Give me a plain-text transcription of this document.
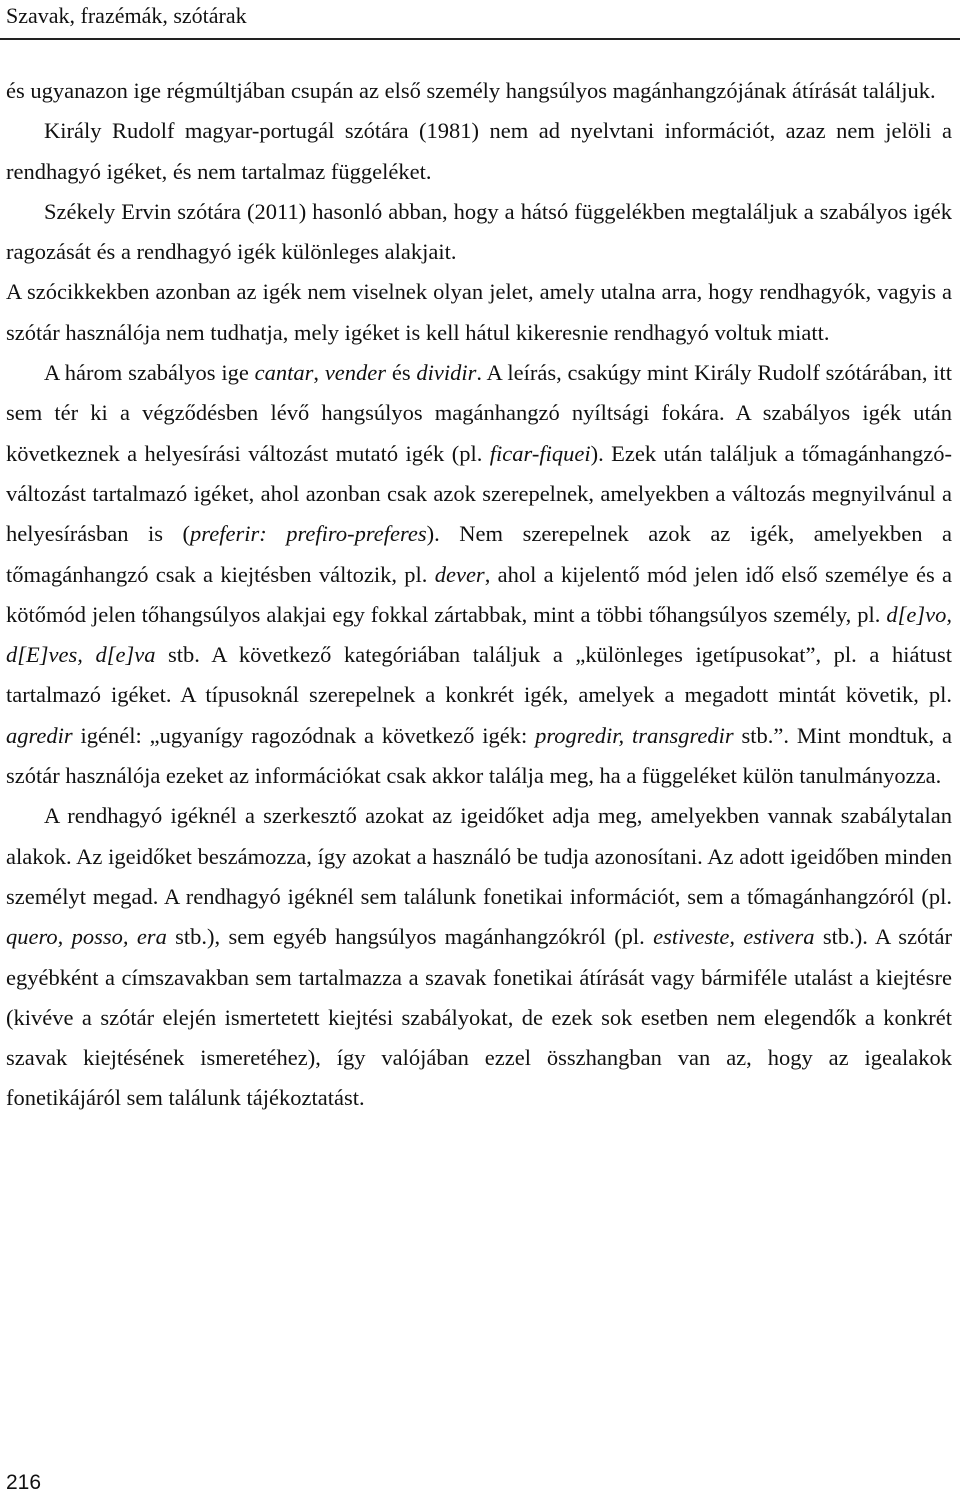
Szavak, frazémák, szótárak

és ugyanazon ige régmúltjában csupán az első személy hangsúlyos magánhangzójának átírását találjuk.

Király Rudolf magyar-portugál szótára (1981) nem ad nyelvtani információt, azaz nem jelöli a rendhagyó igéket, és nem tartalmaz függeléket.

Székely Ervin szótára (2011) hasonló abban, hogy a hátsó függelékben megtaláljuk a szabályos igék ragozását és a rendhagyó igék különleges alakjait.

A szócikkekben azonban az igék nem viselnek olyan jelet, amely utalna arra, hogy rendhagyók, vagyis a szótár használója nem tudhatja, mely igéket is kell hátul kikeresnie rendhagyó voltuk miatt.

A három szabályos ige cantar, vender és dividir. A leírás, csakúgy mint Király Rudolf szótárában, itt sem tér ki a végződésben lévő hangsúlyos magánhangzó nyíltsági fokára. A szabályos igék után következnek a helyesírási változást mutató igék (pl. ficar-fiquei). Ezek után találjuk a tőmagánhangzó-változást tartalmazó igéket, ahol azonban csak azok szerepelnek, amelyekben a változás megnyilvánul a helyesírásban is (preferir: prefiro-preferes). Nem szerepelnek azok az igék, amelyekben a tőmagánhangzó csak a kiejtésben változik, pl. dever, ahol a kijelentő mód jelen idő első személye és a kötőmód jelen tőhangsúlyos alakjai egy fokkal zártabbak, mint a többi tőhangsúlyos személy, pl. d[e]vo, d[E]ves, d[e]va stb. A következő kategóriában találjuk a „különleges igetípusokat”, pl. a hiátust tartalmazó igéket. A típusoknál szerepelnek a konkrét igék, amelyek a megadott mintát követik, pl. agredir igénél: „ugyanígy ragozódnak a következő igék: progredir, transgredir stb.”. Mint mondtuk, a szótár használója ezeket az információkat csak akkor találja meg, ha a függeléket külön tanulmányozza.

A rendhagyó igéknél a szerkesztő azokat az igeidőket adja meg, amelyekben vannak szabálytalan alakok. Az igeidőket beszámozza, így azokat a használó be tudja azonosítani. Az adott igeidőben minden személyt megad. A rendhagyó igéknél sem találunk fonetikai információt, sem a tőmagánhangzóról (pl. quero, posso, era stb.), sem egyéb hangsúlyos magánhangzókról (pl. estiveste, estivera stb.). A szótár egyébként a címszavakban sem tartalmazza a szavak fonetikai átírását vagy bármiféle utalást a kiejtésre (kivéve a szótár elején ismertetett kiejtési szabályokat, de ezek sok esetben nem elegendők a konkrét szavak kiejtésének ismeretéhez), így valójában ezzel összhangban van az, hogy az igealakok fonetikájáról sem találunk tájékoztatást.

216
